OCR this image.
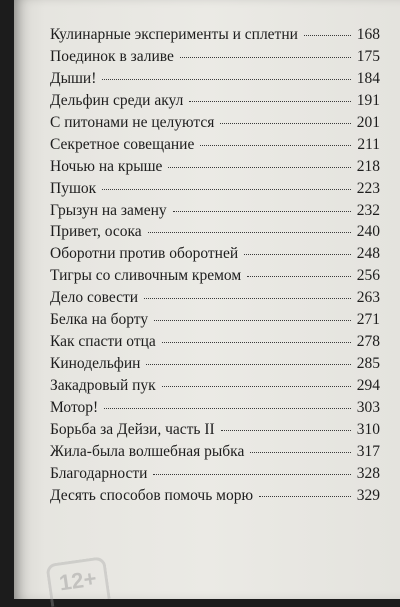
Кулинарные эксперименты и сплетни	168
Поединок в заливе	175
Дыши!	184
Дельфин среди акул	191
С питонами не целуются	201
Секретное совещание	211
Ночью на крыше	218
Пушок	223
Грызун на замену	232
Привет, осока	240
Оборотни против оборотней	248
Тигры со сливочным кремом	256
Дело совести	263
Белка на борту	271
Как спасти отца	278
Кинодельфин	285
Закадровый пук	294
Мотор!	303
Борьба за Дейзи, часть II	310
Жила-была волшебная рыбка	317
Благодарности	328
Десять способов помочь морю	329
12+
